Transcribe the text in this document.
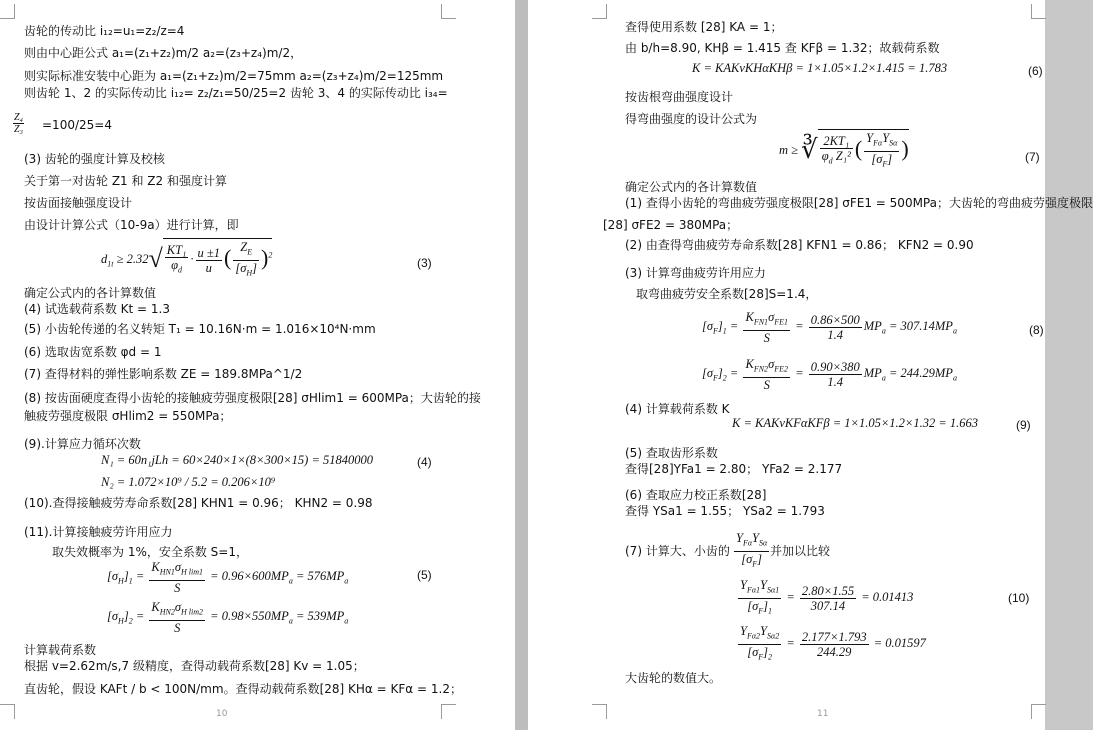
齿轮的传动比 i₁₂=u₁=z₂/z=4
则由中心距公式 a₁=(z₁+z₂)m/2 a₂=(z₃+z₄)m/2，
则实际标准安装中心距为 a₁=(z₁+z₂)m/2=75mm a₂=(z₃+z₄)m/2=125mm
则齿轮 1、2 的实际传动比 i₁₂= z₂/z₁=50/25=2 齿轮 3、4 的实际传动比 i₃₄=
Z₄
Z₃ =100/25=4
(3) 齿轮的强度计算及校核
关于第一对齿轮 Z1 和 Z2 和强度计算
按齿面接触强度设计
由设计计算公式（10-9a）进行计算，即
$d_{1t} \ge 2.32√ \frac{\text{KT₁}}{\varphi_d} \cdot \frac{u \pm 1}{u}$ ( $\frac{Z_E}{[\sigma_H]} )^2$
(3)
确定公式内的各计算数值
(4) 试选载荷系数 Kt = 1.3
(5) 小齿轮传递的名义转矩 T₁ = 10.16N·m = 1.016×10⁴N·mm
(6) 选取齿宽系数 φd = 1
(7) 查得材料的弹性影响系数 ZE = 189.8MPa^1/2
(8) 按齿面硬度查得小齿轮的接触疲劳强度极限[28] σHlim1 = 600MPa；大齿轮的接
触疲劳强度极限 σHlim2 = 550MPa；
(9).计算应力循环次数
N₁ = 60n₁jLh = 60×240×1×(8×300×15) = 51840000	(4)
N₂ = 1.072×10⁹ / 5.2 = 0.206×10⁹
(10).查得接触疲劳寿命系数[28] KHN1 = 0.96； KHN2 = 0.98
(11).计算接触疲劳许用应力
取失效概率为 1%，安全系数 S=1，
$[\sigma_H]_1 = \frac{K_{HN1}\sigma_{H lim1}}{S} = 0.96\times 600MP_a = 576MP_a$	(5)
$[\sigma_H]_2 = \frac{K_{HN2}\sigma_{H lim2}}{S} = 0.98\times 550MP_a = 539MP_a$
计算载荷系数
根据 v=2.62m/s,7 级精度，查得动载荷系数[28] Kv = 1.05；
直齿轮，假设 KAFt / b < 100N/mm。查得动载荷系数[28] KHα = KFα = 1.2；
10
查得使用系数 [28] KA = 1；
由 b/h=8.90, KHβ = 1.415 查 KFβ = 1.32；故载荷系数
K = KAKvKHαKHβ = 1×1.05×1.2×1.415 = 1.783	(6)
按齿根弯曲强度设计
得弯曲强度的设计公式为
m ≥ ∛ $\frac{\text{2KT₁}}{\varphi_d Z_1^2}$ ( $\frac{Y_{F\alpha}Y_{S\alpha}}{[\sigma_F]}$ )	(7)
确定公式内的各计算数值
(1) 查得小齿轮的弯曲疲劳强度极限[28] σFE1 = 500MPa；大齿轮的弯曲疲劳强度极限
[28] σFE2 = 380MPa；
(2) 由查得弯曲疲劳寿命系数[28] KFN1 = 0.86； KFN2 = 0.90
(3) 计算弯曲疲劳许用应力
取弯曲疲劳安全系数[28]S=1.4，
$[\sigma_F]_1 = \frac{K_{FN1}\sigma_{FE1}}{S} = \frac{0.86\times 500}{1.4} MP_a = 307.14MP_a$	(8)
$[\sigma_F]_2 = \frac{K_{FN2}\sigma_{FE2}}{S} = \frac{0.90\times 380}{1.4} MP_a = 244.29MP_a$
(4) 计算载荷系数 K
K = KAKvKFαKFβ = 1×1.05×1.2×1.32 = 1.663	(9)
(5) 查取齿形系数
查得[28]YFa1 = 2.80； YFa2 = 2.177
(6) 查取应力校正系数[28]
查得 YSa1 = 1.55； YSa2 = 1.793
(7) 计算大、小齿的 $\frac{Y_{F\alpha}Y_{S\alpha}}{[\sigma_F]}$ 并加以比较
$\frac{Y_{F\alpha 1}Y_{S\alpha 1}}{[\sigma_F]_1} = \frac{2.80\times 1.55}{307.14} = 0.01413$	(10)
$\frac{Y_{F\alpha 2}Y_{S\alpha 2}}{[\sigma_F]_2} = \frac{2.177\times 1.793}{244.29} = 0.01597$
大齿轮的数值大。
11
